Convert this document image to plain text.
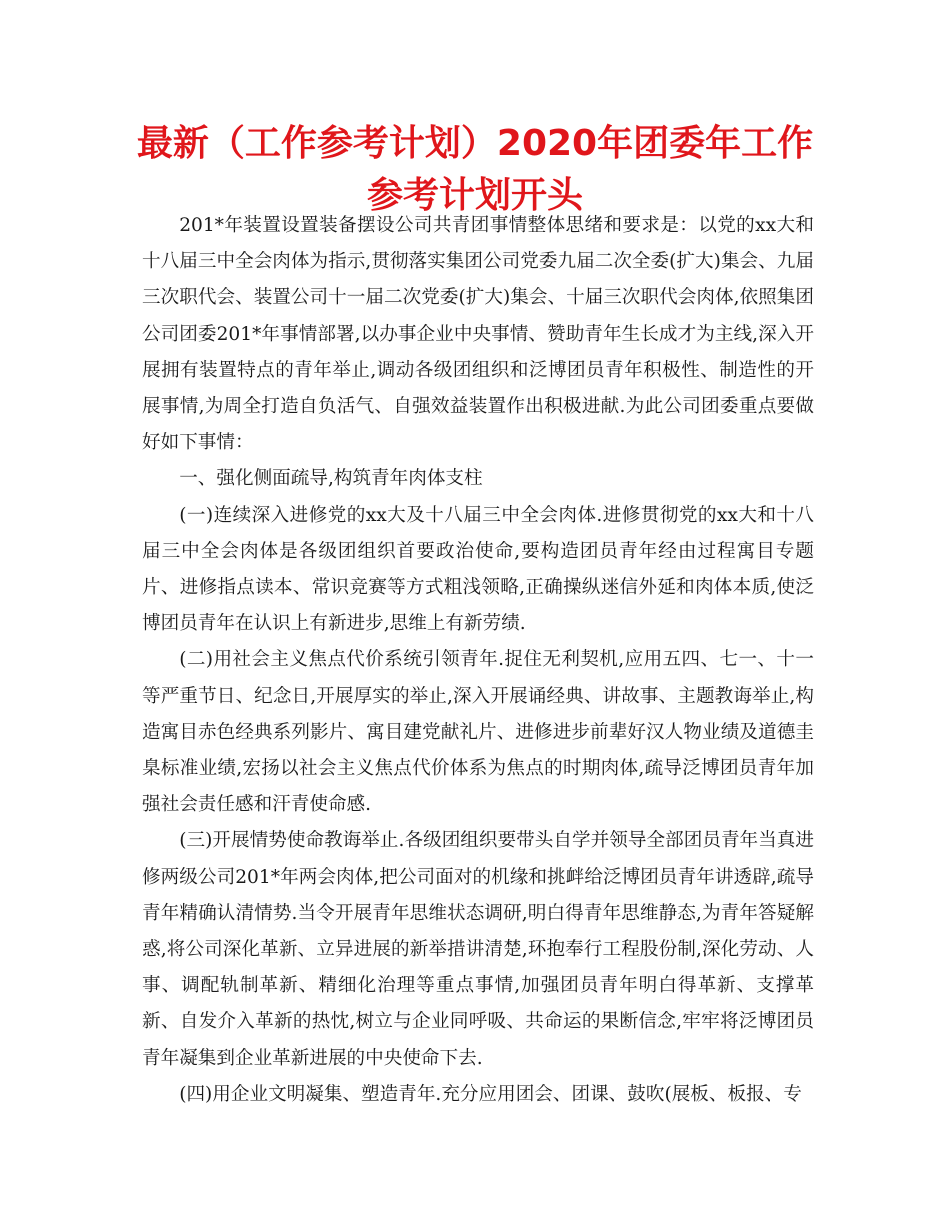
最新（工作参考计划）2020年团委年工作参考计划开头

201*年装置设置装备摆设公司共青团事情整体思绪和要求是：以党的xx大和十八届三中全会肉体为指示,贯彻落实集团公司党委九届二次全委(扩大)集会、九届三次职代会、装置公司十一届二次党委(扩大)集会、十届三次职代会肉体,依照集团公司团委201*年事情部署,以办事企业中央事情、赞助青年生长成才为主线,深入开展拥有装置特点的青年举止,调动各级团组织和泛博团员青年积极性、制造性的开展事情,为周全打造自负活气、自强效益装置作出积极进献.为此公司团委重点要做好如下事情：

一、强化侧面疏导,构筑青年肉体支柱

(一)连续深入进修党的xx大及十八届三中全会肉体.进修贯彻党的xx大和十八届三中全会肉体是各级团组织首要政治使命,要构造团员青年经由过程寓目专题片、进修指点读本、常识竞赛等方式粗浅领略,正确操纵迷信外延和肉体本质,使泛博团员青年在认识上有新进步,思维上有新劳绩.

(二)用社会主义焦点代价系统引领青年.捉住无利契机,应用五四、七一、十一等严重节日、纪念日,开展厚实的举止,深入开展诵经典、讲故事、主题教诲举止,构造寓目赤色经典系列影片、寓目建党献礼片、进修进步前辈好汉人物业绩及道德圭臬标准业绩,宏扬以社会主义焦点代价体系为焦点的时期肉体,疏导泛博团员青年加强社会责任感和汗青使命感.

(三)开展情势使命教诲举止.各级团组织要带头自学并领导全部团员青年当真进修两级公司201*年两会肉体,把公司面对的机缘和挑衅给泛博团员青年讲透辟,疏导青年精确认清情势.当令开展青年思维状态调研,明白得青年思维静态,为青年答疑解惑,将公司深化革新、立异进展的新举措讲清楚,环抱奉行工程股份制,深化劳动、人事、调配轨制革新、精细化治理等重点事情,加强团员青年明白得革新、支撑革新、自发介入革新的热忱,树立与企业同呼吸、共命运的果断信念,牢牢将泛博团员青年凝集到企业革新进展的中央使命下去.

(四)用企业文明凝集、塑造青年.充分应用团会、团课、鼓吹(展板、板报、专
